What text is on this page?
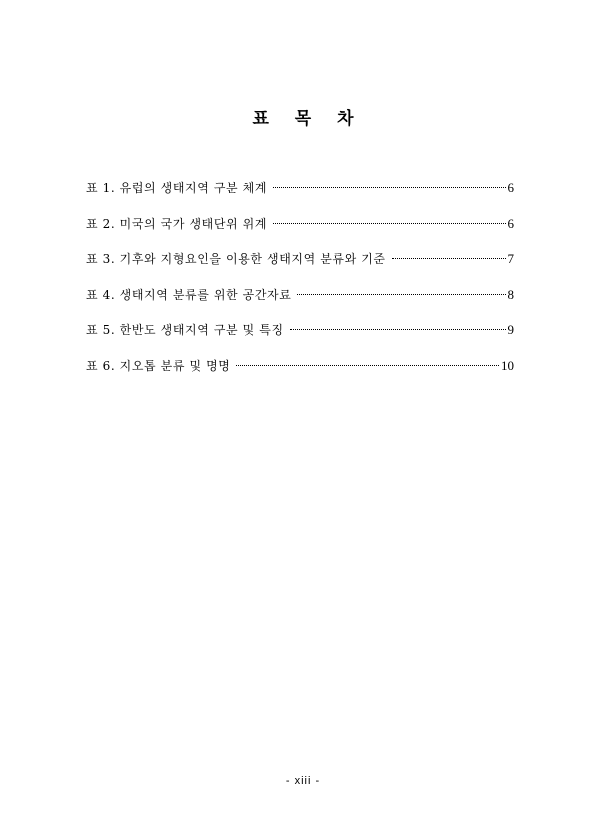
표 목 차
표 1. 유럽의 생태지역 구분 체계	6
표 2. 미국의 국가 생태단위 위계	6
표 3. 기후와 지형요인을 이용한 생태지역 분류와 기준	7
표 4. 생태지역 분류를 위한 공간자료	8
표 5. 한반도 생태지역 구분 및 특징	9
표 6. 지오톱 분류 및 명명	10
- xiii -
